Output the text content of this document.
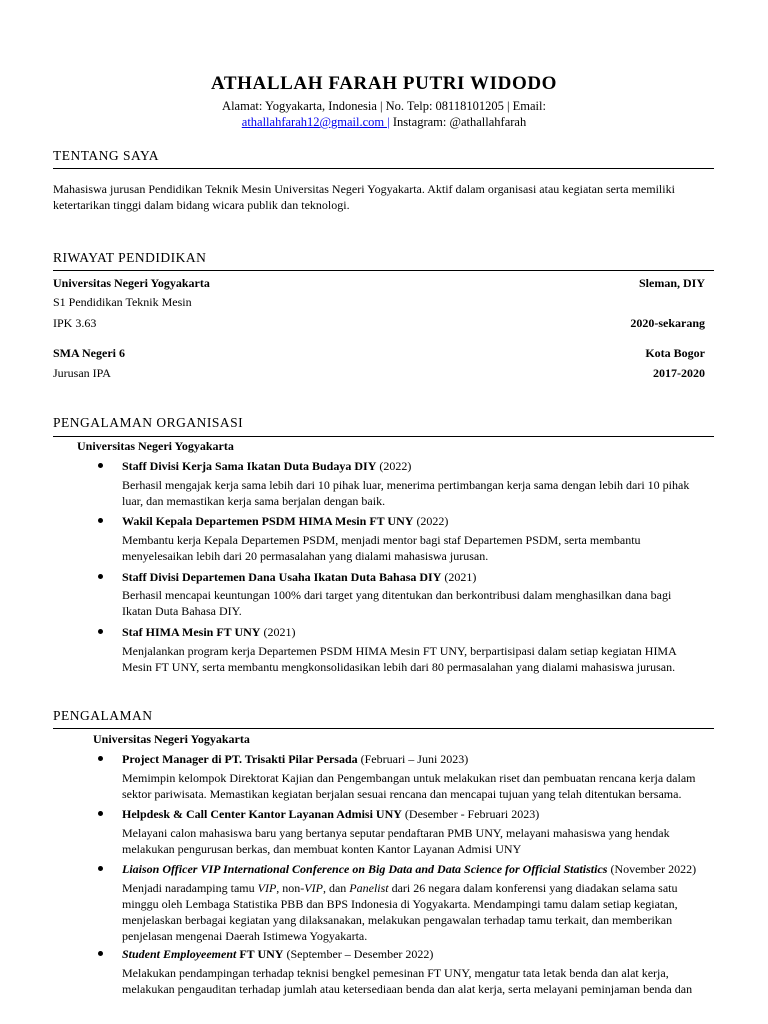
ATHALLAH FARAH PUTRI WIDODO
Alamat: Yogyakarta, Indonesia | No. Telp: 08118101205 | Email:
athallahfarah12@gmail.com | Instagram: @athallahfarah
TENTANG SAYA
Mahasiswa jurusan Pendidikan Teknik Mesin Universitas Negeri Yogyakarta. Aktif dalam organisasi atau kegiatan serta memiliki
ketertarikan tinggi dalam bidang wicara publik dan teknologi.
RIWAYAT PENDIDIKAN
Universitas Negeri Yogyakarta	Sleman, DIY
S1 Pendidikan Teknik Mesin
IPK 3.63	2020-sekarang
SMA Negeri 6	Kota Bogor
Jurusan IPA	2017-2020
PENGALAMAN ORGANISASI
Universitas Negeri Yogyakarta
Staff Divisi Kerja Sama Ikatan Duta Budaya DIY (2022)
Berhasil mengajak kerja sama lebih dari 10 pihak luar, menerima pertimbangan kerja sama dengan lebih dari 10 pihak
luar, dan memastikan kerja sama berjalan dengan baik.
Wakil Kepala Departemen PSDM HIMA Mesin FT UNY (2022)
Membantu kerja Kepala Departemen PSDM, menjadi mentor bagi staf Departemen PSDM, serta membantu
menyelesaikan lebih dari 20 permasalahan yang dialami mahasiswa jurusan.
Staff Divisi Departemen Dana Usaha Ikatan Duta Bahasa DIY (2021)
Berhasil mencapai keuntungan 100% dari target yang ditentukan dan berkontribusi dalam menghasilkan dana bagi
Ikatan Duta Bahasa DIY.
Staf HIMA Mesin FT UNY (2021)
Menjalankan program kerja Departemen PSDM HIMA Mesin FT UNY, berpartisipasi dalam setiap kegiatan HIMA
Mesin FT UNY, serta membantu mengkonsolidasikan lebih dari 80 permasalahan yang dialami mahasiswa jurusan.
PENGALAMAN
Universitas Negeri Yogyakarta
Project Manager di PT. Trisakti Pilar Persada (Februari – Juni 2023)
Memimpin kelompok Direktorat Kajian dan Pengembangan untuk melakukan riset dan pembuatan rencana kerja dalam
sektor pariwisata. Memastikan kegiatan berjalan sesuai rencana dan mencapai tujuan yang telah ditentukan bersama.
Helpdesk & Call Center Kantor Layanan Admisi UNY (Desember - Februari 2023)
Melayani calon mahasiswa baru yang bertanya seputar pendaftaran PMB UNY, melayani mahasiswa yang hendak
melakukan pengurusan berkas, dan membuat konten Kantor Layanan Admisi UNY
Liaison Officer VIP International Conference on Big Data and Data Science for Official Statistics (November 2022)
Menjadi naradamping tamu VIP, non-VIP, dan Panelist dari 26 negara dalam konferensi yang diadakan selama satu
minggu oleh Lembaga Statistika PBB dan BPS Indonesia di Yogyakarta. Mendampingi tamu dalam setiap kegiatan,
menjelaskan berbagai kegiatan yang dilaksanakan, melakukan pengawalan terhadap tamu terkait, dan memberikan
penjelasan mengenai Daerah Istimewa Yogyakarta.
Student Employeement FT UNY (September – Desember 2022)
Melakukan pendampingan terhadap teknisi bengkel pemesinan FT UNY, mengatur tata letak benda dan alat kerja,
melakukan pengauditan terhadap jumlah atau ketersediaan benda dan alat kerja, serta melayani peminjaman benda dan
